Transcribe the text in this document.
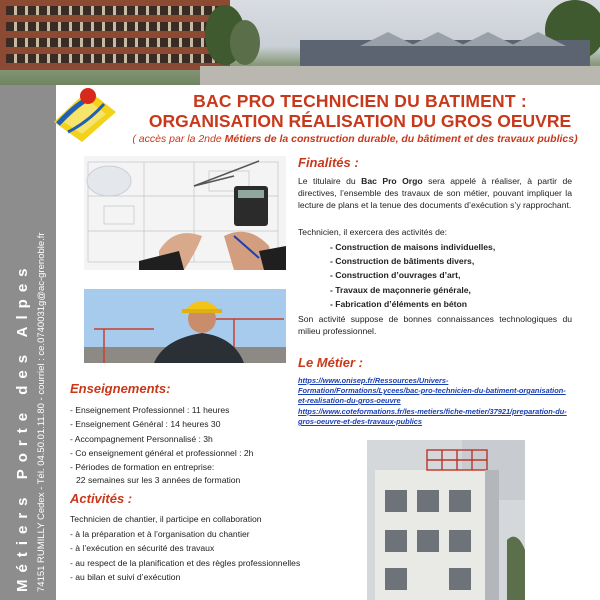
Métiers Porte des Alpes 74151 RUMILLY Cedex - Tél. 04.50.01.11.80 - courriel : ce.0740031g@ac-grenoble.fr
BAC PRO TECHNICIEN DU BATIMENT :
ORGANISATION RÉALISATION DU GROS OEUVRE
( accès par la 2nde Métiers de la construction durable, du bâtiment et des travaux publics)
Finalités :
Le titulaire du Bac Pro Orgo sera appelé à réaliser, à partir de directives, l’ensemble des travaux de son métier, pouvant impliquer la lecture de plans et la tenue des documents d’exécution s’y rapprochant.
Technicien, il exercera des activités de:
- Construction de maisons individuelles,
- Construction de bâtiments divers,
- Construction d’ouvrages d’art,
- Travaux de maçonnerie générale,
- Fabrication d’éléments en béton
Son activité suppose de bonnes connaissances technologiques du milieu professionnel.
Le Métier :
https://www.onisep.fr/Ressources/Univers-Formation/Formations/Lycees/bac-pro-technicien-du-batiment-organisation-et-realisation-du-gros-oeuvre
https://www.coteformations.fr/les-metiers/fiche-metier/37921/preparation-du-gros-oeuvre-et-des-travaux-publics
Enseignements:
- Enseignement Professionnel : 11 heures
- Enseignement Général : 14 heures 30
- Accompagnement Personnalisé : 3h
- Co enseignement général et professionnel : 2h
- Périodes de formation en entreprise:
22 semaines sur les 3 années de formation
Activités :
Technicien de chantier, il participe en collaboration
- à la préparation et à l’organisation du chantier
- à l’exécution en sécurité des travaux
- au respect de la planification et des règles professionnelles
- au bilan et suivi d’exécution
